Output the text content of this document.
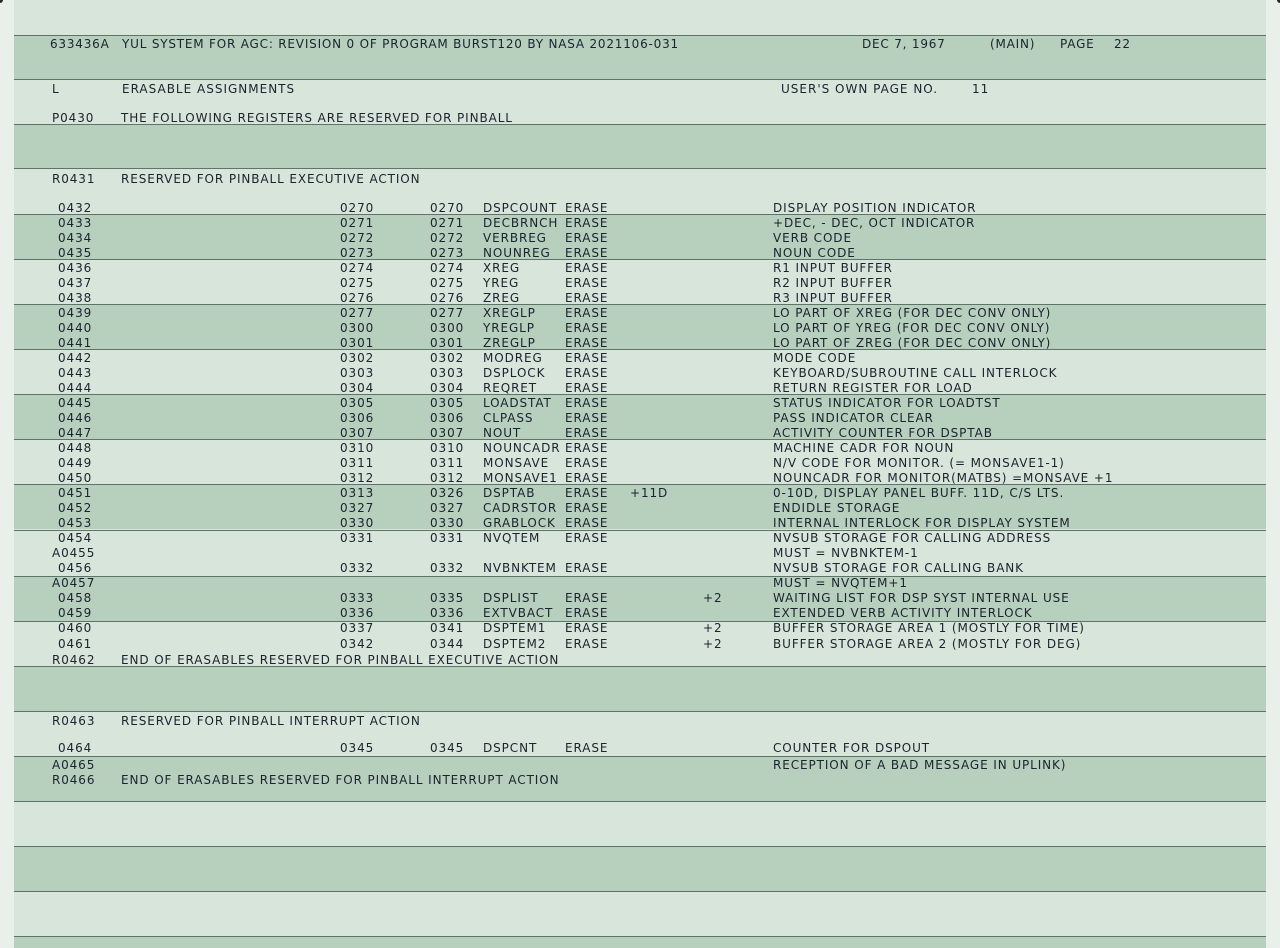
633436A YUL SYSTEM FOR AGC: REVISION 0 OF PROGRAM BURST120 BY NASA 2021106-031	DEC 7, 1967	(MAIN) PAGE 22
L	ERASABLE ASSIGNMENTS	USER'S OWN PAGE NO.	11
P0430 THE FOLLOWING REGISTERS ARE RESERVED FOR PINBALL
R0431 RESERVED FOR PINBALL EXECUTIVE ACTION
0432	0270	0270 DSPCOUNT ERASE	DISPLAY POSITION INDICATOR
0433	0271	0271 DECBRNCH ERASE	+DEC, - DEC, OCT INDICATOR
0434	0272	0272 VERBREG ERASE	VERB CODE
0435	0273	0273 NOUNREG ERASE	NOUN CODE
0436	0274	0274 XREG	ERASE	R1 INPUT BUFFER
0437	0275	0275 YREG	ERASE	R2 INPUT BUFFER
0438	0276	0276 ZREG	ERASE	R3 INPUT BUFFER
0439	0277	0277 XREGLP ERASE	LO PART OF XREG (FOR DEC CONV ONLY)
0440	0300	0300 YREGLP	ERASE	LO PART OF YREG (FOR DEC CONV ONLY)
0441	0301	0301 ZREGLP ERASE	LO PART OF ZREG (FOR DEC CONV ONLY)
0442	0302	0302 MODREG ERASE	MODE CODE
0443	0303	0303 DSPLOCK ERASE	KEYBOARD/SUBROUTINE CALL INTERLOCK
0444	0304	0304 REQRET ERASE	RETURN REGISTER FOR LOAD
0445	0305	0305 LOADSTAT ERASE	STATUS INDICATOR FOR LOADTST
0446	0306	0306 CLPASS	ERASE	PASS INDICATOR CLEAR
0447	0307	0307 NOUT	ERASE	ACTIVITY COUNTER FOR DSPTAB
0448	0310	0310 NOUNCADR ERASE	MACHINE CADR FOR NOUN
0449	0311	0311 MONSAVE ERASE	N/V CODE FOR MONITOR. (= MONSAVE1-1)
0450	0312	0312 MONSAVE1 ERASE	NOUNCADR FOR MONITOR(MATBS) =MONSAVE +1
0451	0313	0326 DSPTAB ERASE +11D	0-10D, DISPLAY PANEL BUFF. 11D, C/S LTS.
0452	0327	0327 CADRSTOR ERASE	ENDIDLE STORAGE
0453	0330	0330 GRABLOCK ERASE	INTERNAL INTERLOCK FOR DISPLAY SYSTEM
0454	0331	0331 NVQTEM ERASE	NVSUB STORAGE FOR CALLING ADDRESS
A0455	MUST = NVBNKTEM-1
0456	0332	0332 NVBNKTEM ERASE	NVSUB STORAGE FOR CALLING BANK
A0457	MUST = NVQTEM+1
0458	0333	0335 DSPLIST ERASE	+2	WAITING LIST FOR DSP SYST INTERNAL USE
0459	0336	0336 EXTVBACT ERASE	EXTENDED VERB ACTIVITY INTERLOCK
0460	0337	0341 DSPTEM1 ERASE	+2	BUFFER STORAGE AREA 1 (MOSTLY FOR TIME)
0461	0342	0344 DSPTEM2 ERASE	+2	BUFFER STORAGE AREA 2 (MOSTLY FOR DEG)
R0462 END OF ERASABLES RESERVED FOR PINBALL EXECUTIVE ACTION
R0463 RESERVED FOR PINBALL INTERRUPT ACTION
0464	0345	0345 DSPCNT ERASE	COUNTER FOR DSPOUT
A0465	RECEPTION OF A BAD MESSAGE IN UPLINK)
R0466 END OF ERASABLES RESERVED FOR PINBALL INTERRUPT ACTION
